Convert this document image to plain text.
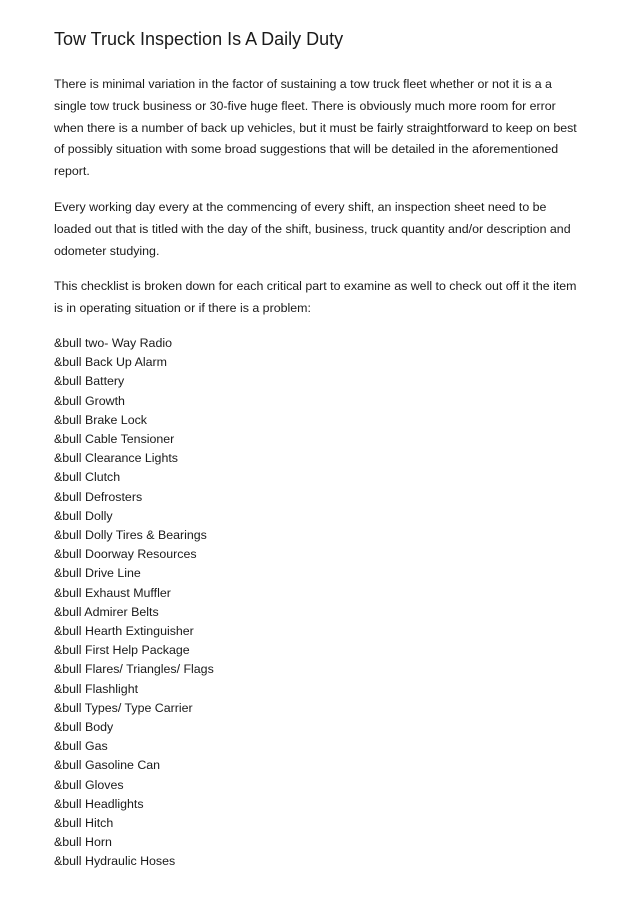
Tow Truck Inspection Is A Daily Duty

There is minimal variation in the factor of sustaining a tow truck fleet whether or not it is a a single tow truck business or 30-five huge fleet. There is obviously much more room for error when there is a number of back up vehicles, but it must be fairly straightforward to keep on best of possibly situation with some broad suggestions that will be detailed in the aforementioned report.

Every working day every at the commencing of every shift, an inspection sheet need to be loaded out that is titled with the day of the shift, business, truck quantity and/or description and odometer studying.

This checklist is broken down for each critical part to examine as well to check out off it the item is in operating situation or if there is a problem:

&bull two- Way Radio
&bull Back Up Alarm
&bull Battery
&bull Growth
&bull Brake Lock
&bull Cable Tensioner
&bull Clearance Lights
&bull Clutch
&bull Defrosters
&bull Dolly
&bull Dolly Tires & Bearings
&bull Doorway Resources
&bull Drive Line
&bull Exhaust Muffler
&bull Admirer Belts
&bull Hearth Extinguisher
&bull First Help Package
&bull Flares/ Triangles/ Flags
&bull Flashlight
&bull Types/ Type Carrier
&bull Body
&bull Gas
&bull Gasoline Can
&bull Gloves
&bull Headlights
&bull Hitch
&bull Horn
&bull Hydraulic Hoses
